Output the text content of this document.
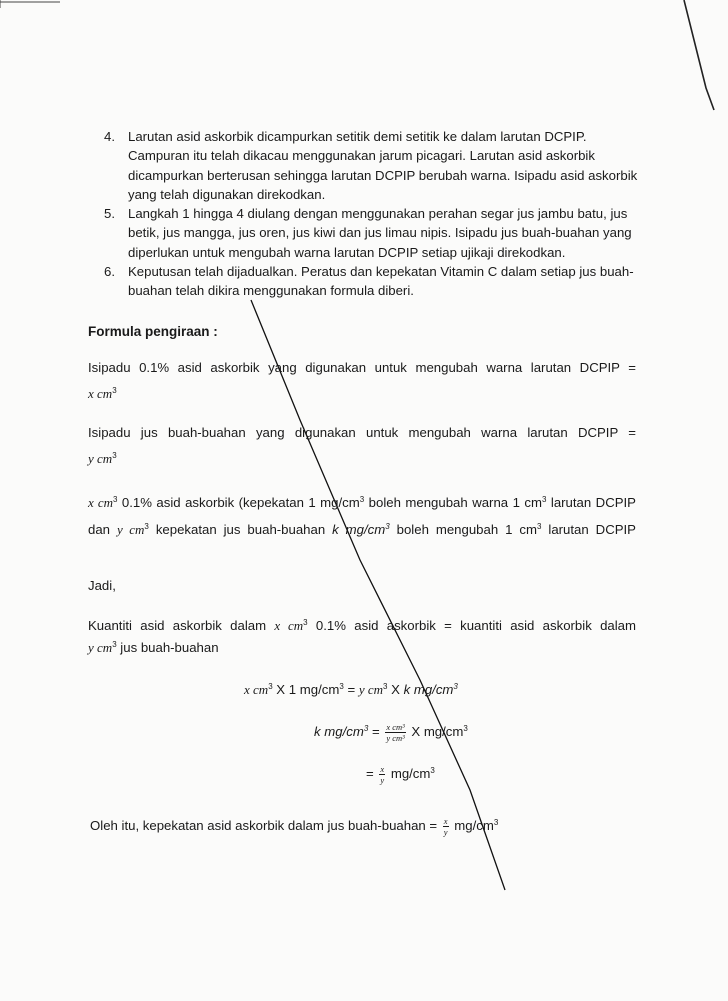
4. Larutan asid askorbik dicampurkan setitik demi setitik ke dalam larutan DCPIP. Campuran itu telah dikacau menggunakan jarum picagari. Larutan asid askorbik dicampurkan berterusan sehingga larutan DCPIP berubah warna. Isipadu asid askorbik yang telah digunakan direkodkan.
5. Langkah 1 hingga 4 diulang dengan menggunakan perahan segar jus jambu batu, jus betik, jus mangga, jus oren, jus kiwi dan jus limau nipis. Isipadu jus buah-buahan yang diperlukan untuk mengubah warna larutan DCPIP setiap ujikaji direkodkan.
6. Keputusan telah dijadualkan. Peratus dan kepekatan Vitamin C dalam setiap jus buah-buahan telah dikira menggunakan formula diberi.
Formula pengiraan :
Isipadu 0.1% asid askorbik yang digunakan untuk mengubah warna larutan DCPIP =
x $cm^3$
Isipadu jus buah-buahan yang digunakan untuk mengubah warna larutan DCPIP =
y $cm^3$
x $cm^3$ 0.1% asid askorbik (kepekatan 1 $mg/cm^3$ boleh mengubah warna 1 $cm^3$ larutan DCPIP dan y $cm^3$ kepekatan jus buah-buahan k $mg/cm^3$ boleh mengubah 1 $cm^3$ larutan DCPIP
Jadi,
Kuantiti asid askorbik dalam x $cm^3$ 0.1% asid askorbik = kuantiti asid askorbik dalam
y $cm^3$ jus buah-buahan
x $cm^3$ X 1 $mg/cm^3 = y$ $cm^3$ X k $mg/cm^3$
k $mg/cm^3 = \frac{\text{x cm³}}{\text{y cm³}}$ X $mg/cm^3$
= $\frac{x}{y} mg/cm^3$
Oleh itu, kepekatan asid askorbik dalam jus buah-buahan = $\frac{x}{y} mg/cm^3$
